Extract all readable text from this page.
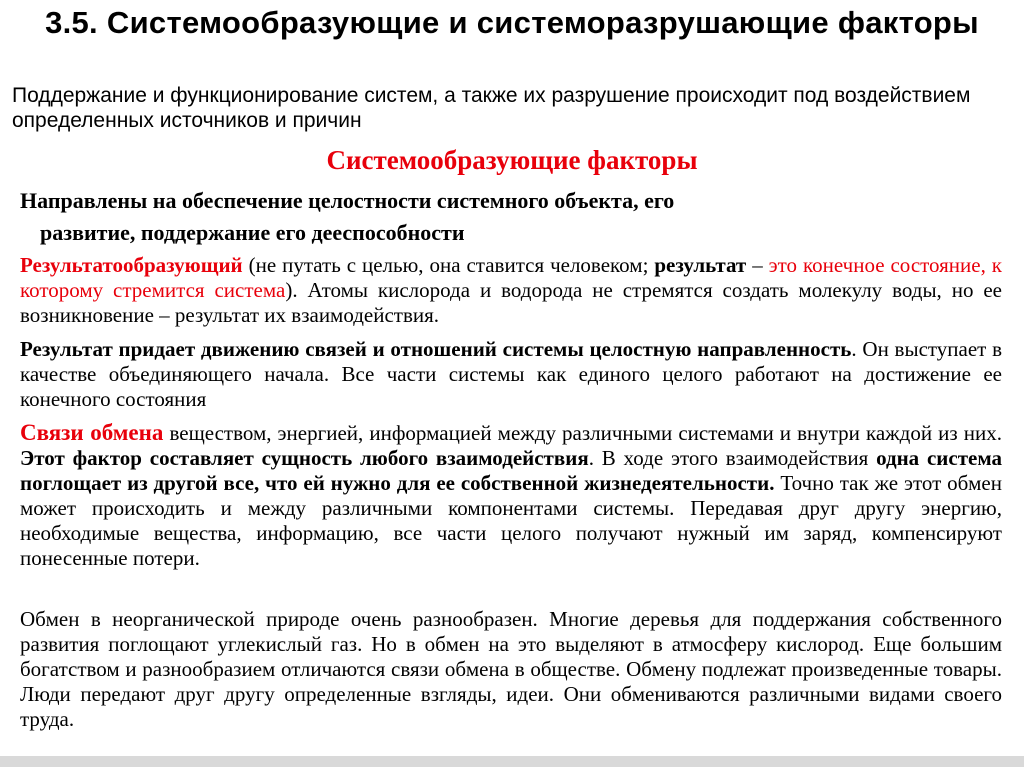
3.5. Системообразующие и системоразрушающие факторы

Поддержание и функционирование систем, а также их разрушение происходит под воздействием определенных источников и причин

Системообразующие факторы

Направлены на обеспечение целостности системного объекта, его
развитие, поддержание его дееспособности

Результатообразующий (не путать с целью, она ставится человеком; результат – это конечное состояние, к которому стремится система). Атомы кислорода и водорода не стремятся создать молекулу воды, но ее возникновение – результат их взаимодействия.

Результат придает движению связей и отношений системы целостную направленность. Он выступает в качестве объединяющего начала. Все части системы как единого целого работают на достижение ее конечного состояния

Связи обмена веществом, энергией, информацией между различными системами и внутри каждой из них. Этот фактор составляет сущность любого взаимодействия. В ходе этого взаимодействия одна система поглощает из другой все, что ей нужно для ее собственной жизнедеятельности. Точно так же этот обмен может происходить и между различными компонентами системы. Передавая друг другу энергию, необходимые вещества, информацию, все части целого получают нужный им заряд, компенсируют понесенные потери.

Обмен в неорганической природе очень разнообразен. Многие деревья для поддержания собственного развития поглощают углекислый газ. Но в обмен на это выделяют в атмосферу кислород. Еще большим богатством и разнообразием отличаются связи обмена в обществе. Обмену подлежат произведенные товары. Люди передают друг другу определенные взгляды, идеи. Они обмениваются различными видами своего труда.
